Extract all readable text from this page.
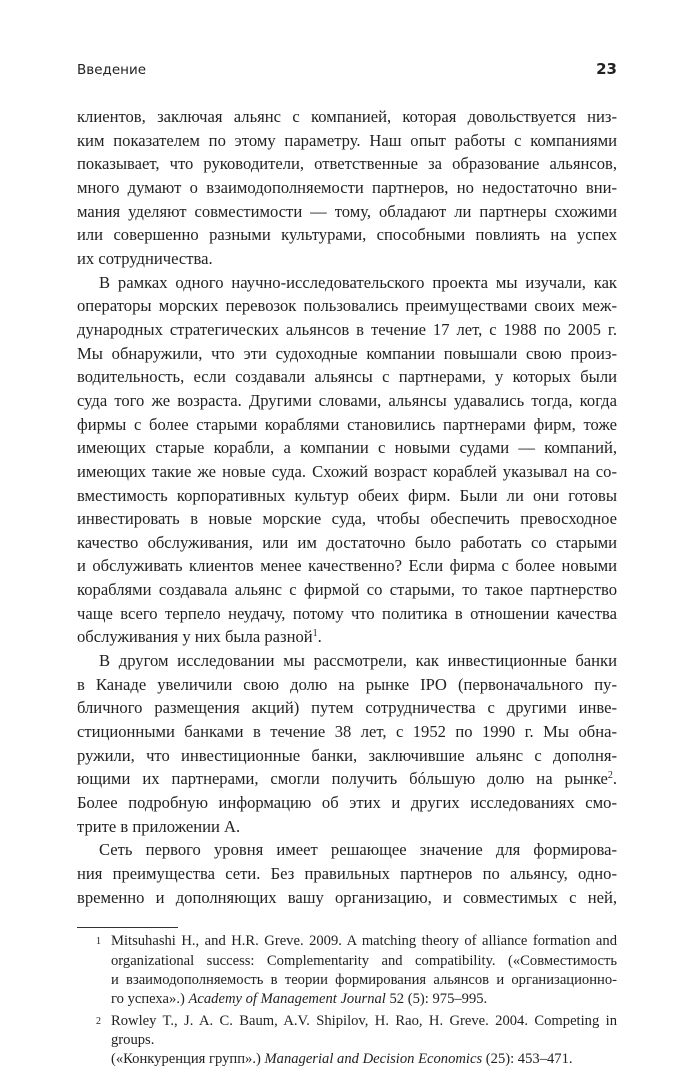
Введение	23
клиентов, заключая альянс с компанией, которая довольствуется низ-
ким показателем по этому параметру. Наш опыт работы с компаниями
показывает, что руководители, ответственные за образование альянсов,
много думают о взаимодополняемости партнеров, но недостаточно вни-
мания уделяют совместимости — тому, обладают ли партнеры схожими
или совершенно разными культурами, способными повлиять на успех
их сотрудничества.
В рамках одного научно-исследовательского проекта мы изучали, как
операторы морских перевозок пользовались преимуществами своих меж-
дународных стратегических альянсов в течение 17 лет, с 1988 по 2005 г.
Мы обнаружили, что эти судоходные компании повышали свою произ-
водительность, если создавали альянсы с партнерами, у которых были
суда того же возраста. Другими словами, альянсы удавались тогда, когда
фирмы с более старыми кораблями становились партнерами фирм, тоже
имеющих старые корабли, а компании с новыми судами — компаний,
имеющих такие же новые суда. Схожий возраст кораблей указывал на со-
вместимость корпоративных культур обеих фирм. Были ли они готовы
инвестировать в новые морские суда, чтобы обеспечить превосходное
качество обслуживания, или им достаточно было работать со старыми
и обслуживать клиентов менее качественно? Если фирма с более новыми
кораблями создавала альянс с фирмой со старыми, то такое партнерство
чаще всего терпело неудачу, потому что политика в отношении качества
обслуживания у них была разной$^1$.
В другом исследовании мы рассмотрели, как инвестиционные банки
в Канаде увеличили свою долю на рынке IPO (первоначального пу-
бличного размещения акций) путем сотрудничества с другими инве-
стиционными банками в течение 38 лет, с 1952 по 1990 г. Мы обна-
ружили, что инвестиционные банки, заключившие альянс с дополня-
ющими их партнерами, смогли получить бóльшую долю на рынке$^2$.
Более подробную информацию об этих и других исследованиях смо-
трите в приложении А.
Сеть первого уровня имеет решающее значение для формирова-
ния преимущества сети. Без правильных партнеров по альянсу, одно-
временно и дополняющих вашу организацию, и совместимых с ней,
1 Mitsuhashi H., and H.R. Greve. 2009. A matching theory of alliance formation and
organizational success: Complementarity and compatibility. («Совместимость
и взаимодополняемость в теории формирования альянсов и организационно-
го успеха».) Academy of Management Journal 52 (5): 975–995.
2 Rowley T., J. A. C. Baum, A.V. Shipilov, H. Rao, H. Greve. 2004. Competing in groups.
(«Конкуренция групп».) Managerial and Decision Economics (25): 453–471.
